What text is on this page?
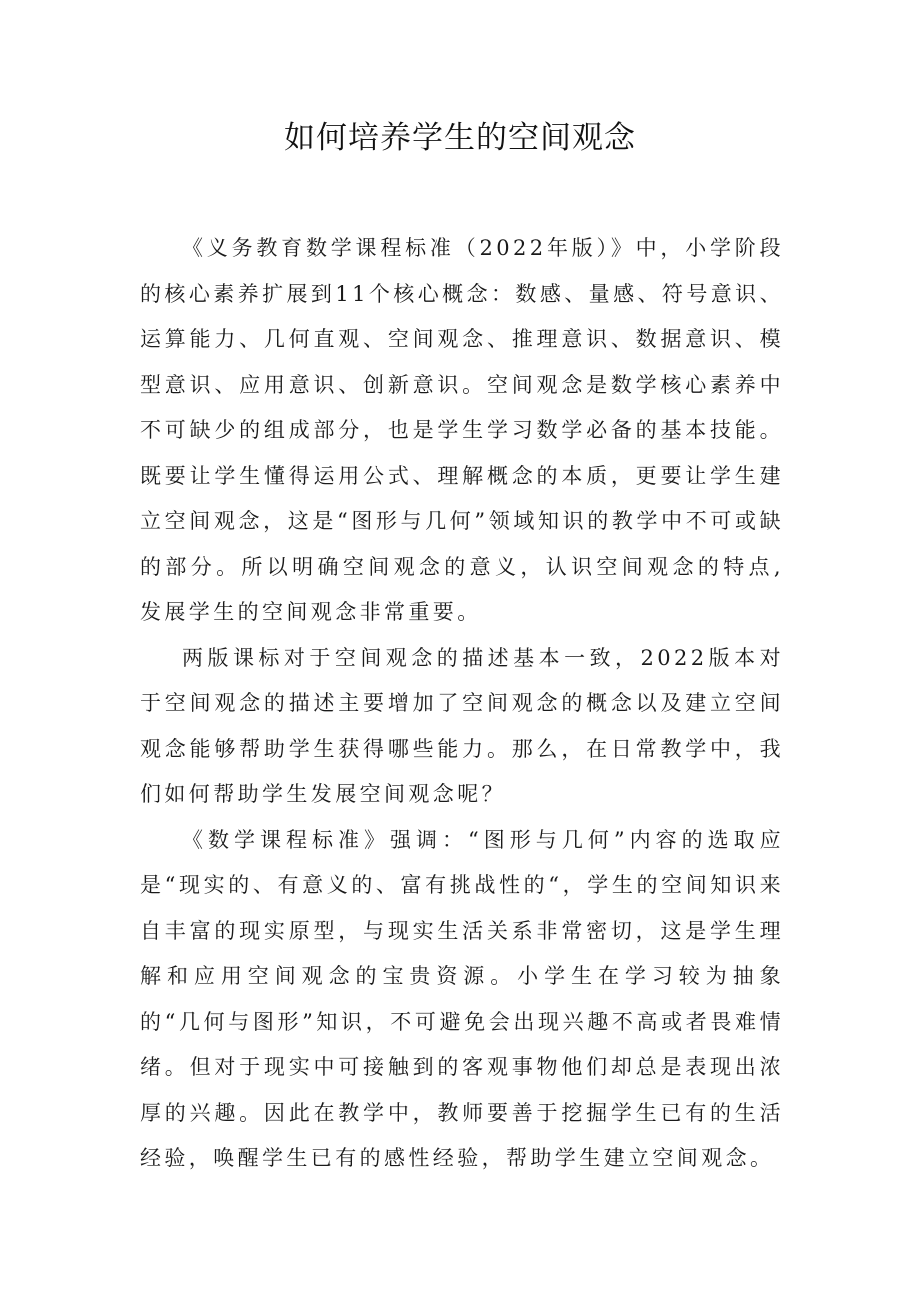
如何培养学生的空间观念

《义务教育数学课程标准（2022年版）》中，小学阶段的核心素养扩展到11个核心概念：数感、量感、符号意识、运算能力、几何直观、空间观念、推理意识、数据意识、模型意识、应用意识、创新意识。空间观念是数学核心素养中不可缺少的组成部分，也是学生学习数学必备的基本技能。既要让学生懂得运用公式、理解概念的本质，更要让学生建立空间观念，这是“图形与几何”领域知识的教学中不可或缺的部分。所以明确空间观念的意义，认识空间观念的特点,发展学生的空间观念非常重要。

两版课标对于空间观念的描述基本一致，2022版本对于空间观念的描述主要增加了空间观念的概念以及建立空间观念能够帮助学生获得哪些能力。那么，在日常教学中，我们如何帮助学生发展空间观念呢？

《数学课程标准》强调：“图形与几何”内容的选取应是“现实的、有意义的、富有挑战性的“，学生的空间知识来自丰富的现实原型，与现实生活关系非常密切，这是学生理解和应用空间观念的宝贵资源。小学生在学习较为抽象的“几何与图形”知识，不可避免会出现兴趣不高或者畏难情绪。但对于现实中可接触到的客观事物他们却总是表现出浓厚的兴趣。因此在教学中，教师要善于挖掘学生已有的生活经验，唤醒学生已有的感性经验，帮助学生建立空间观念。
